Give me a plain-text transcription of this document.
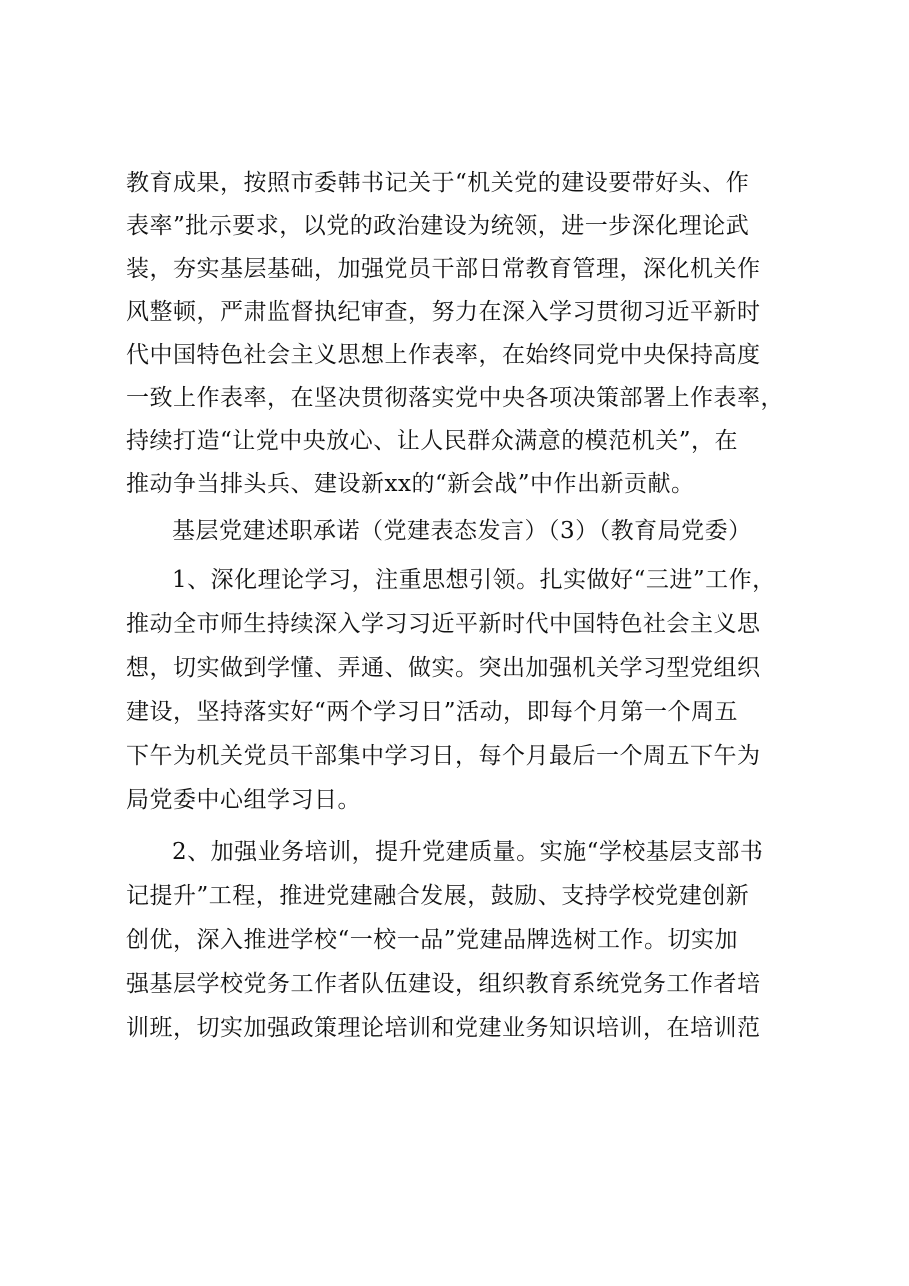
教育成果，按照市委韩书记关于“机关党的建设要带好头、作
表率”批示要求，以党的政治建设为统领，进一步深化理论武
装，夯实基层基础，加强党员干部日常教育管理，深化机关作
风整顿，严肃监督执纪审查，努力在深入学习贯彻习近平新时
代中国特色社会主义思想上作表率，在始终同党中央保持高度
一致上作表率，在坚决贯彻落实党中央各项决策部署上作表率，
持续打造“让党中央放心、让人民群众满意的模范机关”，在
推动争当排头兵、建设新xx的“新会战”中作出新贡献。
基层党建述职承诺（党建表态发言）（3）（教育局党委）
1、深化理论学习，注重思想引领。扎实做好“三进”工作，
推动全市师生持续深入学习习近平新时代中国特色社会主义思
想，切实做到学懂、弄通、做实。突出加强机关学习型党组织
建设，坚持落实好“两个学习日”活动，即每个月第一个周五
下午为机关党员干部集中学习日，每个月最后一个周五下午为
局党委中心组学习日。
2、加强业务培训，提升党建质量。实施“学校基层支部书
记提升”工程，推进党建融合发展，鼓励、支持学校党建创新
创优，深入推进学校“一校一品”党建品牌选树工作。切实加
强基层学校党务工作者队伍建设，组织教育系统党务工作者培
训班，切实加强政策理论培训和党建业务知识培训，在培训范
